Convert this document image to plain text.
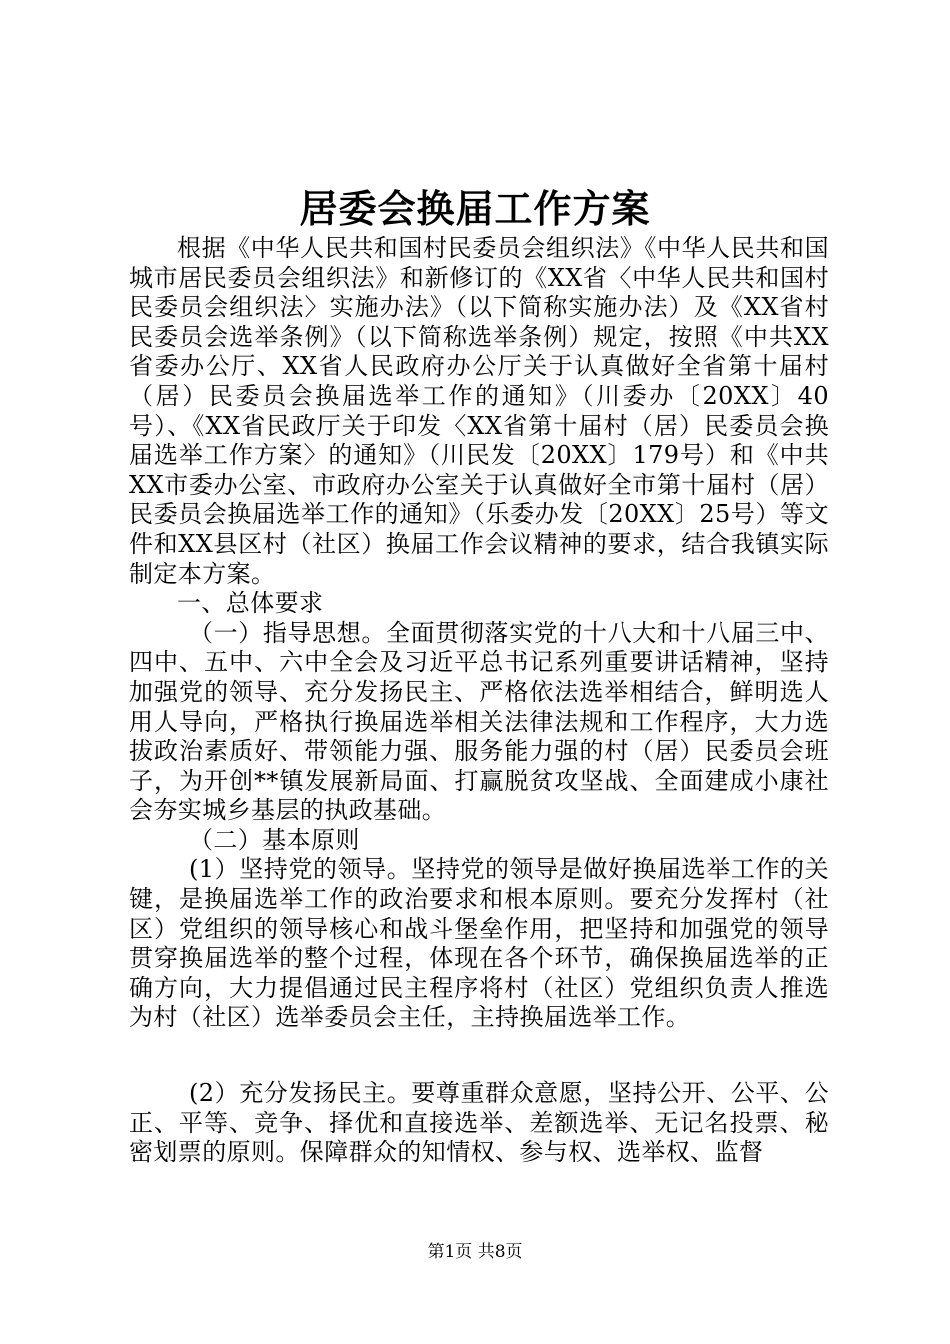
居委会换届工作方案

根据《中华人民共和国村民委员会组织法》《中华人民共和国城市居民委员会组织法》和新修订的《XX省〈中华人民共和国村民委员会组织法〉实施办法》（以下简称实施办法）及《XX省村民委员会选举条例》（以下简称选举条例）规定，按照《中共XX省委办公厅、XX省人民政府办公厅关于认真做好全省第十届村（居）民委员会换届选举工作的通知》（川委办〔20XX〕40号）、《XX省民政厅关于印发〈XX省第十届村（居）民委员会换届选举工作方案〉的通知》（川民发〔20XX〕179号）和《中共XX市委办公室、市政府办公室关于认真做好全市第十届村（居）民委员会换届选举工作的通知》（乐委办发〔20XX〕25号）等文件和XX县区村（社区）换届工作会议精神的要求，结合我镇实际制定本方案。

一、总体要求

（一）指导思想。全面贯彻落实党的十八大和十八届三中、四中、五中、六中全会及习近平总书记系列重要讲话精神，坚持加强党的领导、充分发扬民主、严格依法选举相结合，鲜明选人用人导向，严格执行换届选举相关法律法规和工作程序，大力选拔政治素质好、带领能力强、服务能力强的村（居）民委员会班子，为开创**镇发展新局面、打赢脱贫攻坚战、全面建成小康社会夯实城乡基层的执政基础。

（二）基本原则

(1）坚持党的领导。坚持党的领导是做好换届选举工作的关键，是换届选举工作的政治要求和根本原则。要充分发挥村（社区）党组织的领导核心和战斗堡垒作用，把坚持和加强党的领导贯穿换届选举的整个过程，体现在各个环节，确保换届选举的正确方向，大力提倡通过民主程序将村（社区）党组织负责人推选为村（社区）选举委员会主任，主持换届选举工作。

(2）充分发扬民主。要尊重群众意愿，坚持公开、公平、公正、平等、竞争、择优和直接选举、差额选举、无记名投票、秘密划票的原则。保障群众的知情权、参与权、选举权、监督

第1页 共8页
